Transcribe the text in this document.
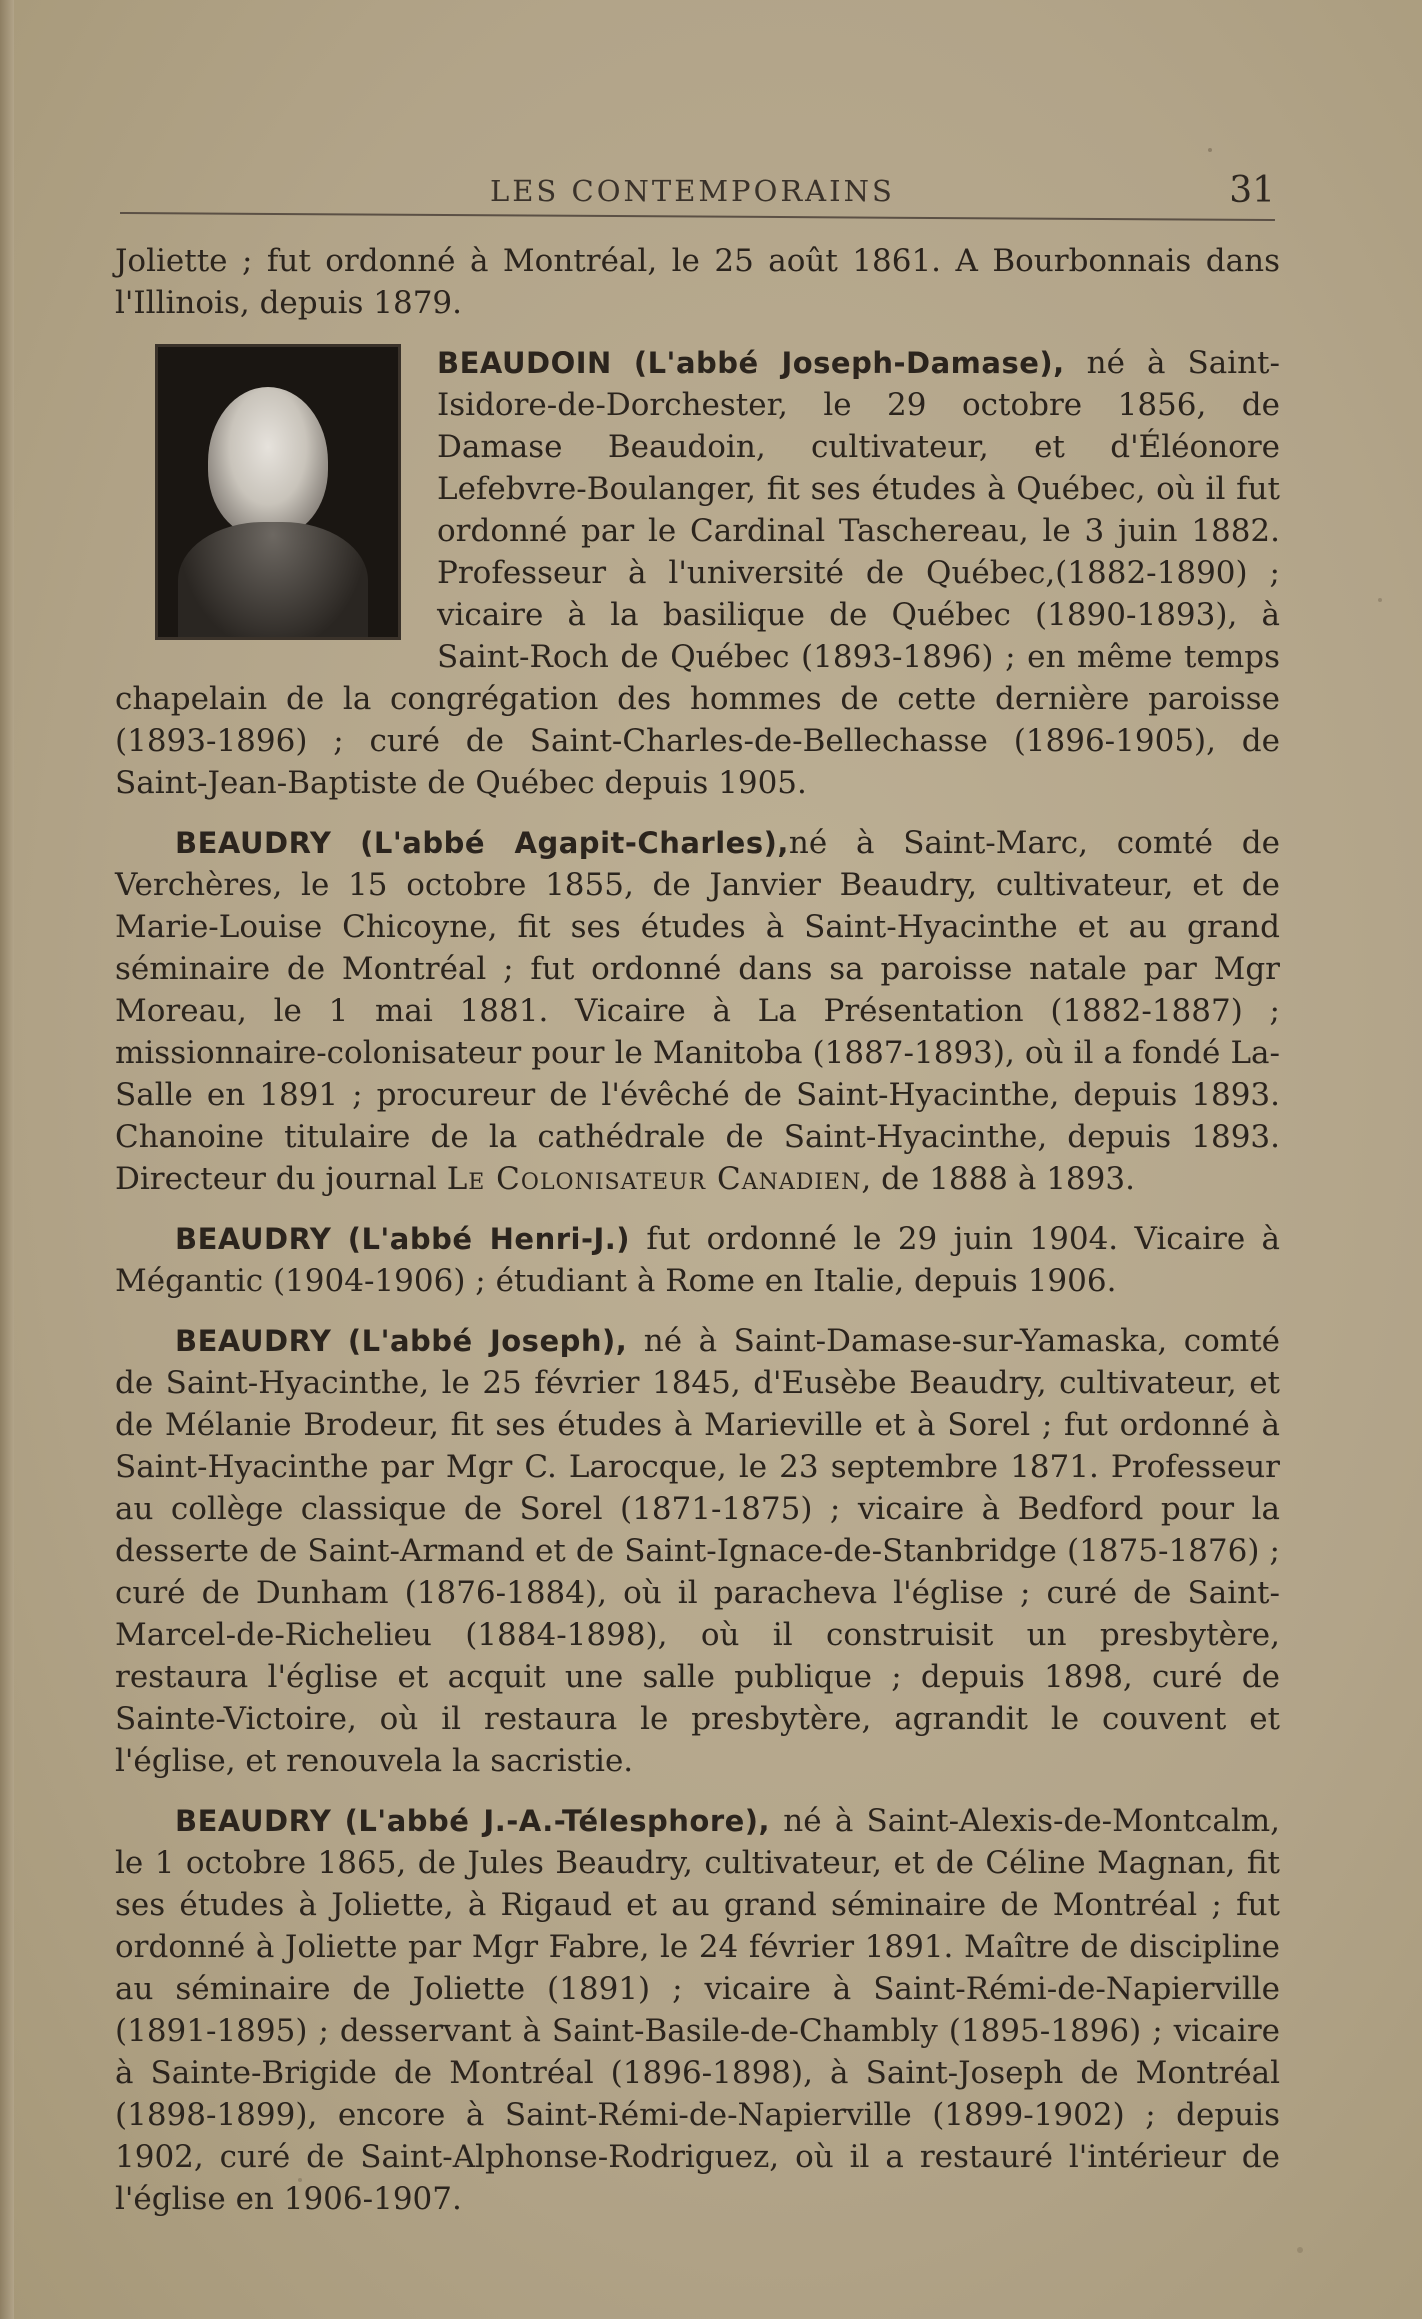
LES CONTEMPORAINS	31

Joliette ; fut ordonné à Montréal, le 25 août 1861. A Bourbonnais dans l'Illinois, depuis 1879.

BEAUDOIN (L'abbé Joseph-Damase), né à Saint-Isidore-de-Dorchester, le 29 octobre 1856, de Damase Beaudoin, cultivateur, et d'Éléonore Lefebvre-Boulanger, fit ses études à Québec, où il fut ordonné par le Cardinal Taschereau, le 3 juin 1882. Professeur à l'université de Québec,(1882-1890) ; vicaire à la basilique de Québec (1890-1893), à Saint-Roch de Québec (1893-1896) ; en même temps chapelain de la congrégation des hommes de cette dernière paroisse (1893-1896) ; curé de Saint-Charles-de-Bellechasse (1896-1905), de Saint-Jean-Baptiste de Québec depuis 1905.

BEAUDRY (L'abbé Agapit-Charles),né à Saint-Marc, comté de Verchères, le 15 octobre 1855, de Janvier Beaudry, cultivateur, et de Marie-Louise Chicoyne, fit ses études à Saint-Hyacinthe et au grand séminaire de Montréal ; fut ordonné dans sa paroisse natale par Mgr Moreau, le 1 mai 1881. Vicaire à La Présentation (1882-1887) ; missionnaire-colonisateur pour le Manitoba (1887-1893), où il a fondé La-Salle en 1891 ; procureur de l'évêché de Saint-Hyacinthe, depuis 1893. Chanoine titulaire de la cathédrale de Saint-Hyacinthe, depuis 1893. Directeur du journal Le Colonisateur Canadien, de 1888 à 1893.

BEAUDRY (L'abbé Henri-J.) fut ordonné le 29 juin 1904. Vicaire à Mégantic (1904-1906) ; étudiant à Rome en Italie, depuis 1906.

BEAUDRY (L'abbé Joseph), né à Saint-Damase-sur-Yamaska, comté de Saint-Hyacinthe, le 25 février 1845, d'Eusèbe Beaudry, cultivateur, et de Mélanie Brodeur, fit ses études à Marieville et à Sorel ; fut ordonné à Saint-Hyacinthe par Mgr C. Larocque, le 23 septembre 1871. Professeur au collège classique de Sorel (1871-1875) ; vicaire à Bedford pour la desserte de Saint-Armand et de Saint-Ignace-de-Stanbridge (1875-1876) ; curé de Dunham (1876-1884), où il paracheva l'église ; curé de Saint-Marcel-de-Richelieu (1884-1898), où il construisit un presbytère, restaura l'église et acquit une salle publique ; depuis 1898, curé de Sainte-Victoire, où il restaura le presbytère, agrandit le couvent et l'église, et renouvela la sacristie.

BEAUDRY (L'abbé J.-A.-Télesphore), né à Saint-Alexis-de-Montcalm, le 1 octobre 1865, de Jules Beaudry, cultivateur, et de Céline Magnan, fit ses études à Joliette, à Rigaud et au grand séminaire de Montréal ; fut ordonné à Joliette par Mgr Fabre, le 24 février 1891. Maître de discipline au séminaire de Joliette (1891) ; vicaire à Saint-Rémi-de-Napierville (1891-1895) ; desservant à Saint-Basile-de-Chambly (1895-1896) ; vicaire à Sainte-Brigide de Montréal (1896-1898), à Saint-Joseph de Montréal (1898-1899), encore à Saint-Rémi-de-Napierville (1899-1902) ; depuis 1902, curé de Saint-Alphonse-Rodriguez, où il a restauré l'intérieur de l'église en 1906-1907.
